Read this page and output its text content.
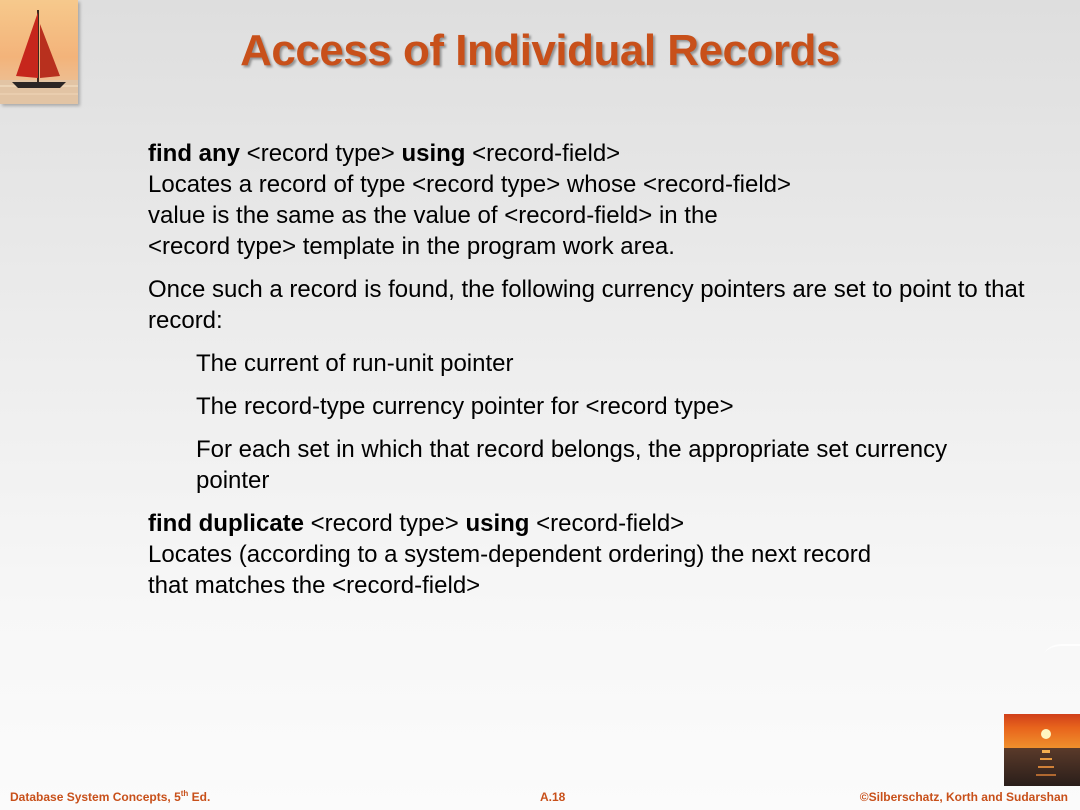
Access of Individual Records
find any <record type> using <record-field>
Locates a record of type <record type> whose <record-field>
value is the same as the value of <record-field> in the
<record type> template in the program work area.
Once such a record is found, the following currency pointers are set to point to that record:
The current of run-unit pointer
The record-type currency pointer for <record type>
For each set in which that record belongs, the appropriate set currency pointer
find duplicate <record type> using <record-field>
Locates (according to a system-dependent ordering) the next record
that matches the <record-field>
Database System Concepts, 5th Ed.	A.18	©Silberschatz, Korth and Sudarshan
